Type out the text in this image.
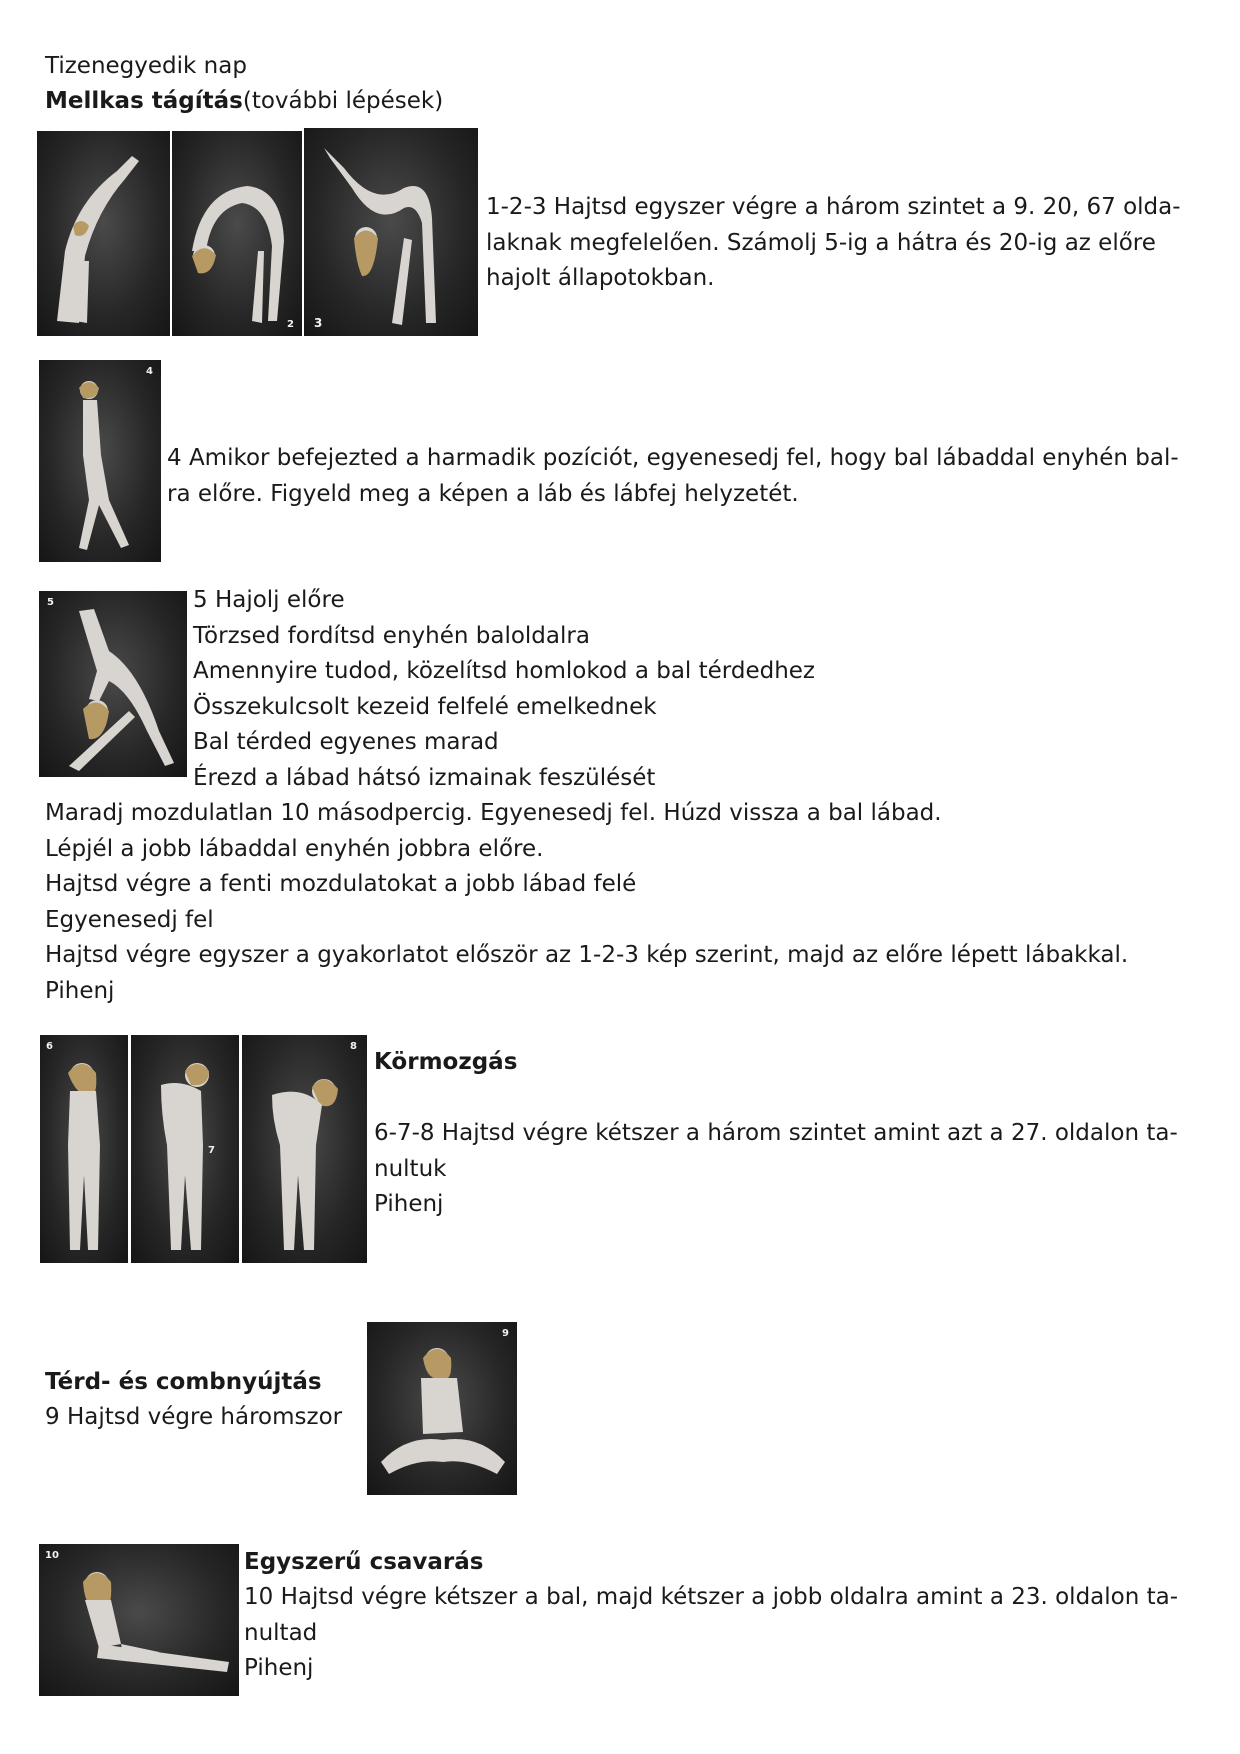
Tizenegyedik nap
Mellkas tágítás(további lépések)
2 3
1-2-3 Hajtsd egyszer végre a három szintet a 9. 20, 67 olda-
laknak megfelelően. Számolj 5-ig a hátra és 20-ig az előre
hajolt állapotokban.
4
4 Amikor befejezted a harmadik pozíciót, egyenesedj fel, hogy bal lábaddal enyhén bal-
ra előre. Figyeld meg a képen a láb és lábfej helyzetét.
5	5 Hajolj előre
Törzsed fordítsd enyhén baloldalra
Amennyire tudod, közelítsd homlokod a bal térdedhez
Összekulcsolt kezeid felfelé emelkednek
Bal térded egyenes marad
Érezd a lábad hátsó izmainak feszülését
Maradj mozdulatlan 10 másodpercig. Egyenesedj fel. Húzd vissza a bal lábad.
Lépjél a jobb lábaddal enyhén jobbra előre.
Hajtsd végre a fenti mozdulatokat a jobb lábad felé
Egyenesedj fel
Hajtsd végre egyszer a gyakorlatot először az 1-2-3 kép szerint, majd az előre lépett lábakkal.
Pihenj
6
7
8
Körmozgás
6-7-8 Hajtsd végre kétszer a három szintet amint azt a 27. oldalon ta-
nultuk
Pihenj
9
Térd- és combnyújtás
9 Hajtsd végre háromszor
10	Egyszerű csavarás
10 Hajtsd végre kétszer a bal, majd kétszer a jobb oldalra amint a 23. oldalon ta-
nultad
Pihenj
